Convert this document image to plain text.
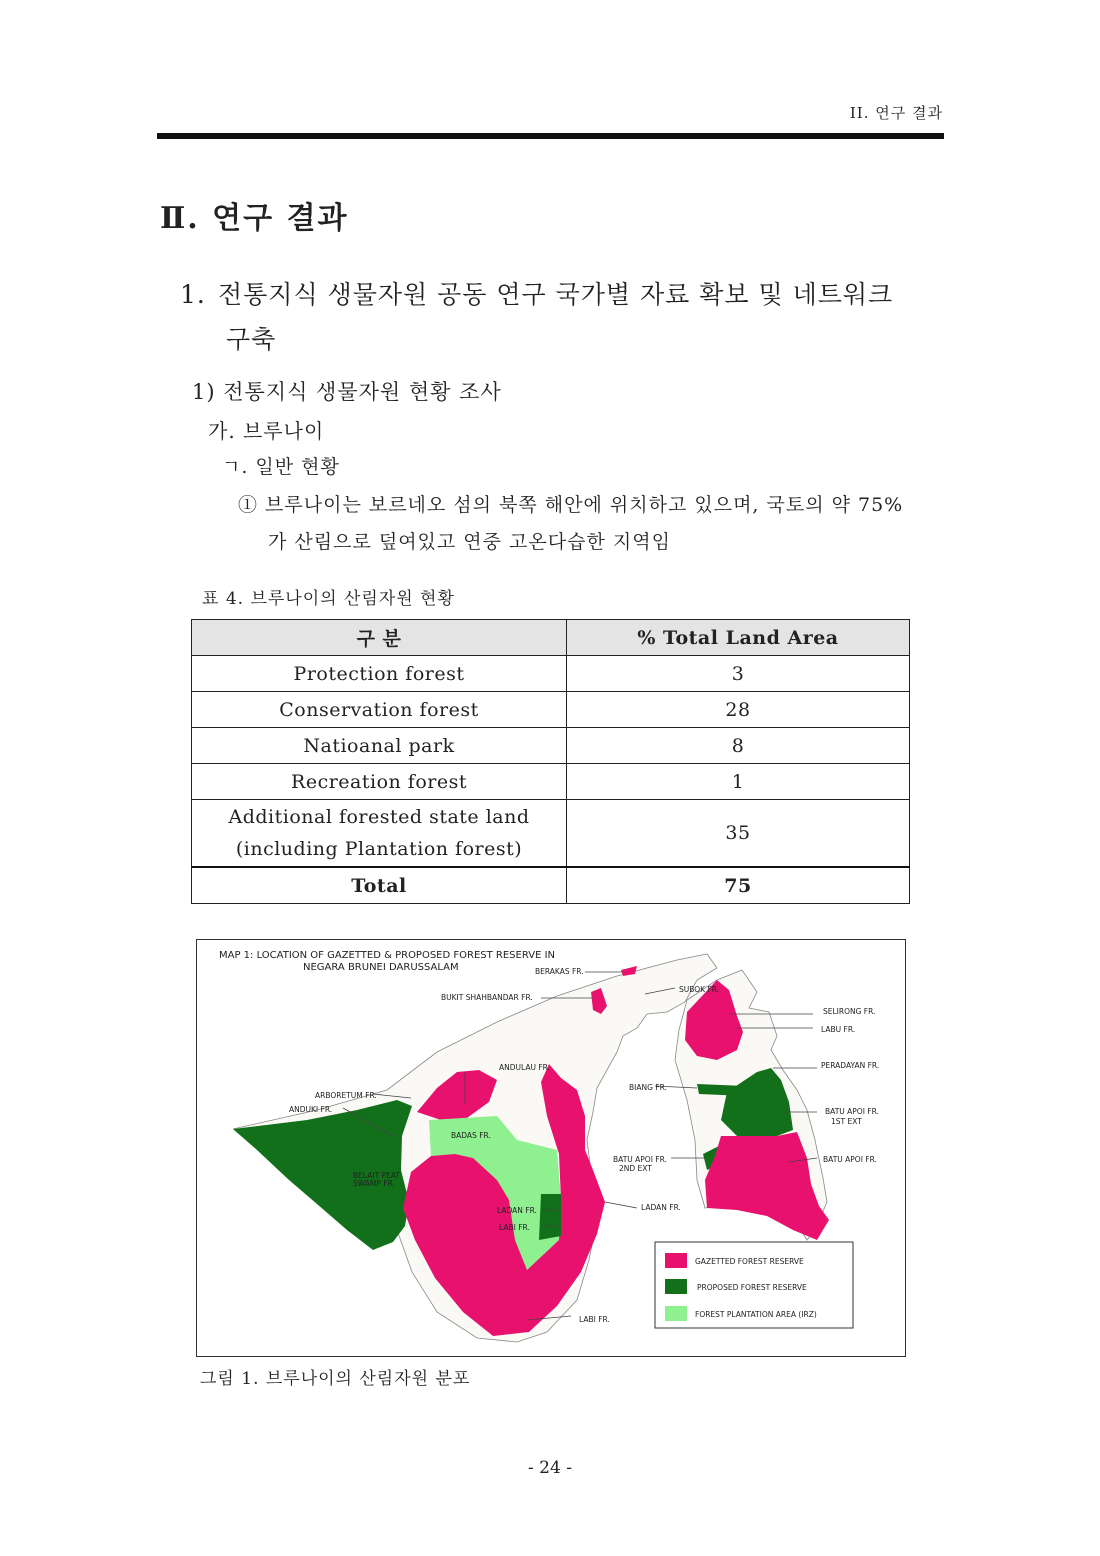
II. 연구 결과
Ⅱ. 연구 결과
1. 전통지식 생물자원 공동 연구 국가별 자료 확보 및 네트워크
구축
1) 전통지식 생물자원 현황 조사
가. 브루나이
ㄱ. 일반 현황
① 브루나이는 보르네오 섬의 북쪽 해안에 위치하고 있으며, 국토의 약 75%
가 산림으로 덮여있고 연중 고온다습한 지역임
표 4. 브루나이의 산림자원 현황
구 분	% Total Land Area
Protection forest	3
Conservation forest	28
Natioanal park	8
Recreation forest	1

Additional forested state land
(including Plantation forest)	35
Total	75
MAP 1: LOCATION OF GAZETTED & PROPOSED FOREST RESERVE IN
NEGARA BRUNEI DARUSSALAM	BERAKAS FR.
BUKIT SHAHBANDAR FR.
SUBOK FR.
SELIRONG FR.
LABU FR.
ANDULAU FR.	PERADAYAN FR.
ARBORETUM FR.
ANDUKI FR.
BIANG FR.
BADAS FR.
BATU APOI FR.
1ST EXT
BELAIT PEAT
SWAMP FR.
BATU APOI FR.
2ND EXT
BATU APOI FR.
LADAN FR.
LABI FR.
LADAN FR.
LABI FR.
GAZETTED FOREST RESERVE
PROPOSED FOREST RESERVE
FOREST PLANTATION AREA (IRZ)
그림 1. 브루나이의 산림자원 분포
- 24 -
